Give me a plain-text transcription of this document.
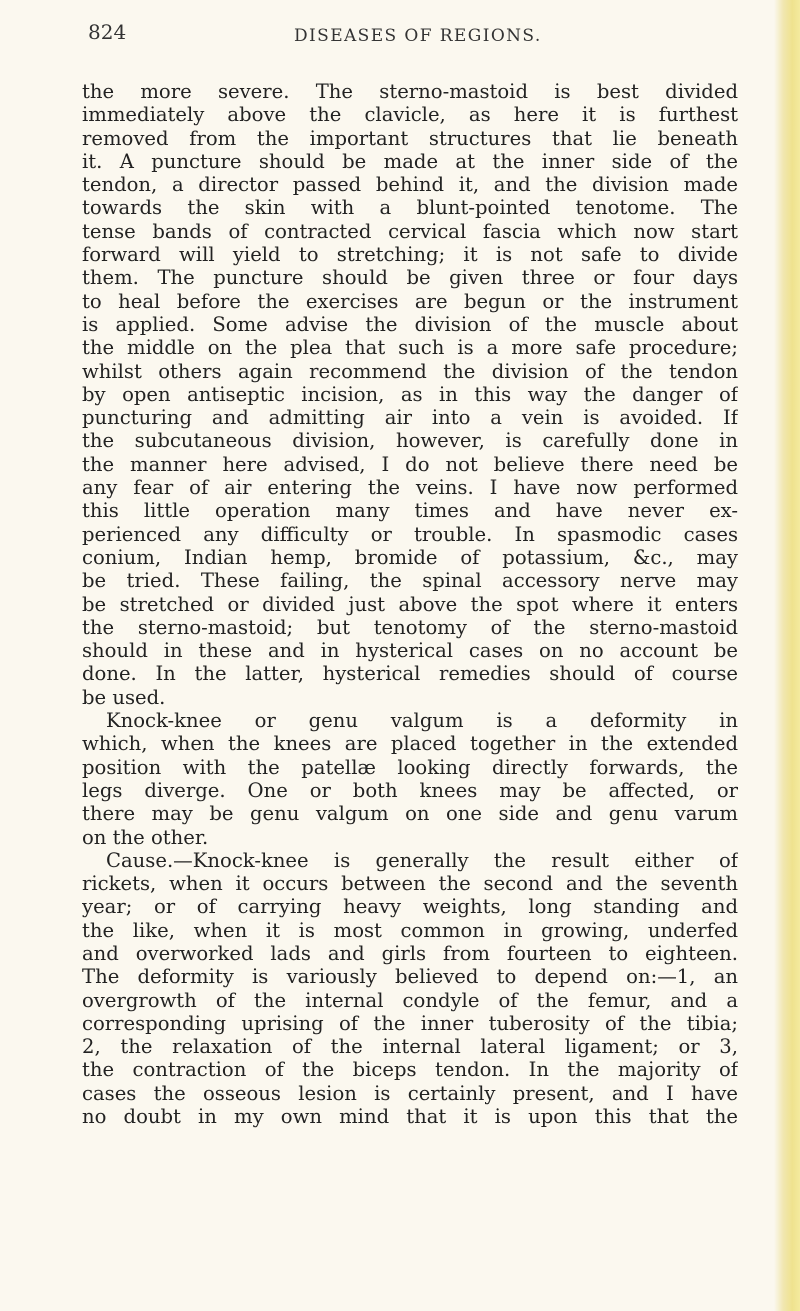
824	DISEASES OF REGIONS.
the more severe. The sterno-mastoid is best divided
immediately above the clavicle, as here it is furthest
removed from the important structures that lie beneath
it. A puncture should be made at the inner side of the
tendon, a director passed behind it, and the division made
towards the skin with a blunt-pointed tenotome. The
tense bands of contracted cervical fascia which now start
forward will yield to stretching; it is not safe to divide
them. The puncture should be given three or four days
to heal before the exercises are begun or the instrument
is applied. Some advise the division of the muscle about
the middle on the plea that such is a more safe procedure;
whilst others again recommend the division of the tendon
by open antiseptic incision, as in this way the danger of
puncturing and admitting air into a vein is avoided. If
the subcutaneous division, however, is carefully done in
the manner here advised, I do not believe there need be
any fear of air entering the veins. I have now performed
this little operation many times and have never ex-
perienced any difficulty or trouble. In spasmodic cases
conium, Indian hemp, bromide of potassium, &c., may
be tried. These failing, the spinal accessory nerve may
be stretched or divided just above the spot where it enters
the sterno-mastoid; but tenotomy of the sterno-mastoid
should in these and in hysterical cases on no account be
done. In the latter, hysterical remedies should of course
be used.
Knock-knee or genu valgum is a deformity in
which, when the knees are placed together in the extended
position with the patellæ looking directly forwards, the
legs diverge. One or both knees may be affected, or
there may be genu valgum on one side and genu varum
on the other.
Cause.—Knock-knee is generally the result either of
rickets, when it occurs between the second and the seventh
year; or of carrying heavy weights, long standing and
the like, when it is most common in growing, underfed
and overworked lads and girls from fourteen to eighteen.
The deformity is variously believed to depend on:—1, an
overgrowth of the internal condyle of the femur, and a
corresponding uprising of the inner tuberosity of the tibia;
2, the relaxation of the internal lateral ligament; or 3,
the contraction of the biceps tendon. In the majority of
cases the osseous lesion is certainly present, and I have
no doubt in my own mind that it is upon this that the
